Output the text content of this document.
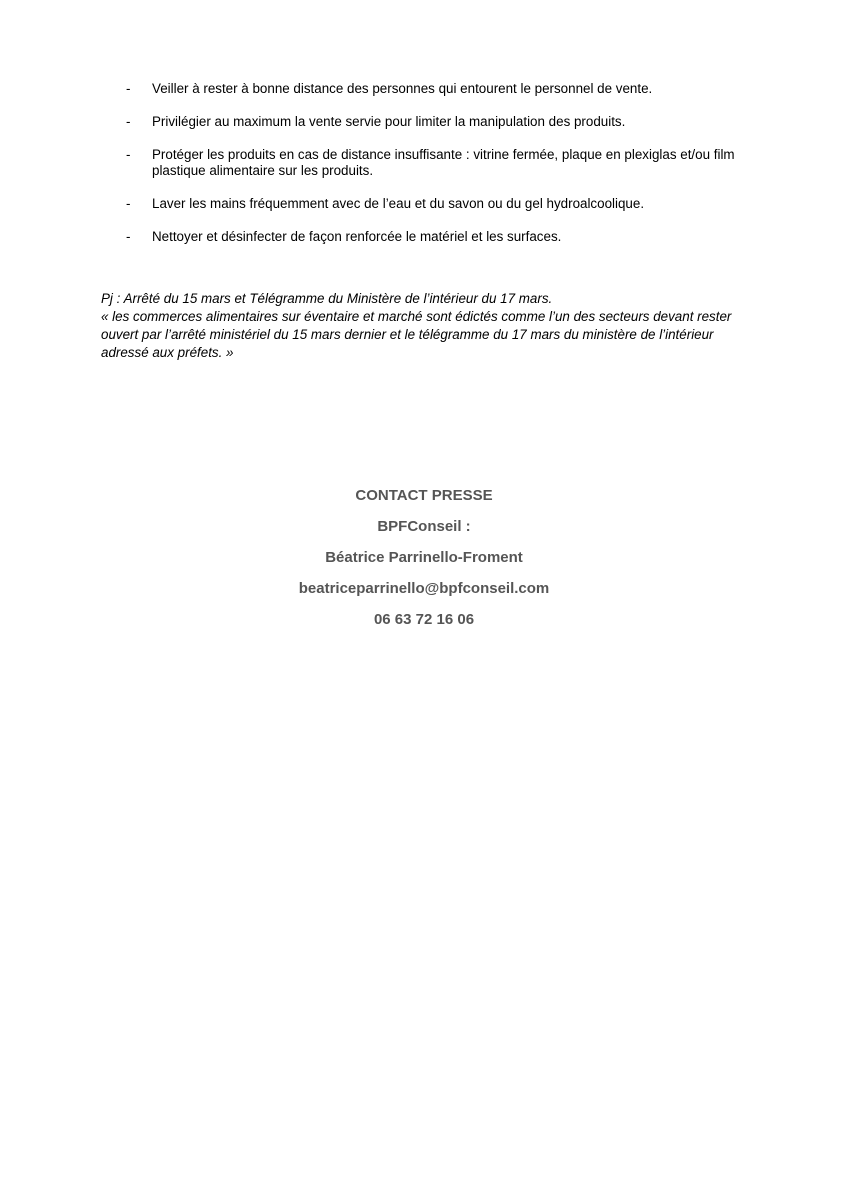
- Veiller à rester à bonne distance des personnes qui entourent le personnel de vente.
- Privilégier au maximum la vente servie pour limiter la manipulation des produits.
- Protéger les produits en cas de distance insuffisante : vitrine fermée, plaque en plexiglas et/ou film plastique alimentaire sur les produits.
- Laver les mains fréquemment avec de l’eau et du savon ou du gel hydroalcoolique.
- Nettoyer et désinfecter de façon renforcée le matériel et les surfaces.

Pj : Arrêté du 15 mars et Télégramme du Ministère de l’intérieur du 17 mars.

« les commerces alimentaires sur éventaire et marché sont édictés comme l’un des secteurs devant rester ouvert par l’arrêté ministériel du 15 mars dernier et le télégramme du 17 mars du ministère de l’intérieur adressé aux préfets. »

CONTACT PRESSE
BPFConseil :
Béatrice Parrinello-Froment
beatriceparrinello@bpfconseil.com
06 63 72 16 06
